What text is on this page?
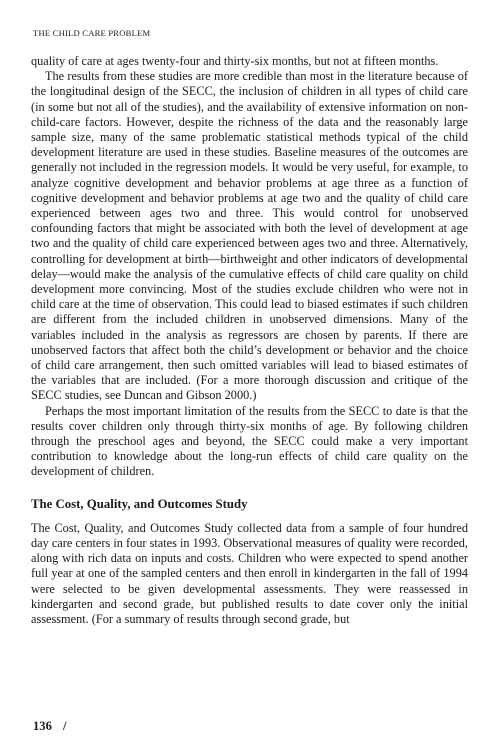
THE CHILD CARE PROBLEM

quality of care at ages twenty-four and thirty-six months, but not at fifteen months.

The results from these studies are more credible than most in the literature because of the longitudinal design of the SECC, the inclusion of children in all types of child care (in some but not all of the studies), and the availability of extensive information on non-child-care factors. However, despite the richness of the data and the reasonably large sample size, many of the same problematic statistical methods typical of the child development literature are used in these studies. Baseline measures of the outcomes are generally not included in the regression models. It would be very useful, for example, to analyze cognitive development and behavior problems at age three as a function of cognitive development and behavior problems at age two and the quality of child care experienced between ages two and three. This would control for unobserved confounding factors that might be associated with both the level of development at age two and the quality of child care experienced between ages two and three. Alternatively, controlling for development at birth—birthweight and other indicators of developmental delay—would make the analysis of the cumulative effects of child care quality on child development more convincing. Most of the studies exclude children who were not in child care at the time of observation. This could lead to biased estimates if such children are different from the included children in unobserved dimensions. Many of the variables included in the analysis as regressors are chosen by parents. If there are unobserved factors that affect both the child’s development or behavior and the choice of child care arrangement, then such omitted variables will lead to biased estimates of the variables that are included. (For a more thorough discussion and critique of the SECC studies, see Duncan and Gibson 2000.)

Perhaps the most important limitation of the results from the SECC to date is that the results cover children only through thirty-six months of age. By following children through the preschool ages and beyond, the SECC could make a very important contribution to knowledge about the long-run effects of child care quality on the development of children.

The Cost, Quality, and Outcomes Study

The Cost, Quality, and Outcomes Study collected data from a sample of four hundred day care centers in four states in 1993. Observational measures of quality were recorded, along with rich data on inputs and costs. Children who were expected to spend another full year at one of the sampled centers and then enroll in kindergarten in the fall of 1994 were selected to be given developmental assessments. They were reassessed in kindergarten and second grade, but published results to date cover only the initial assessment. (For a summary of results through second grade, but

136 /
